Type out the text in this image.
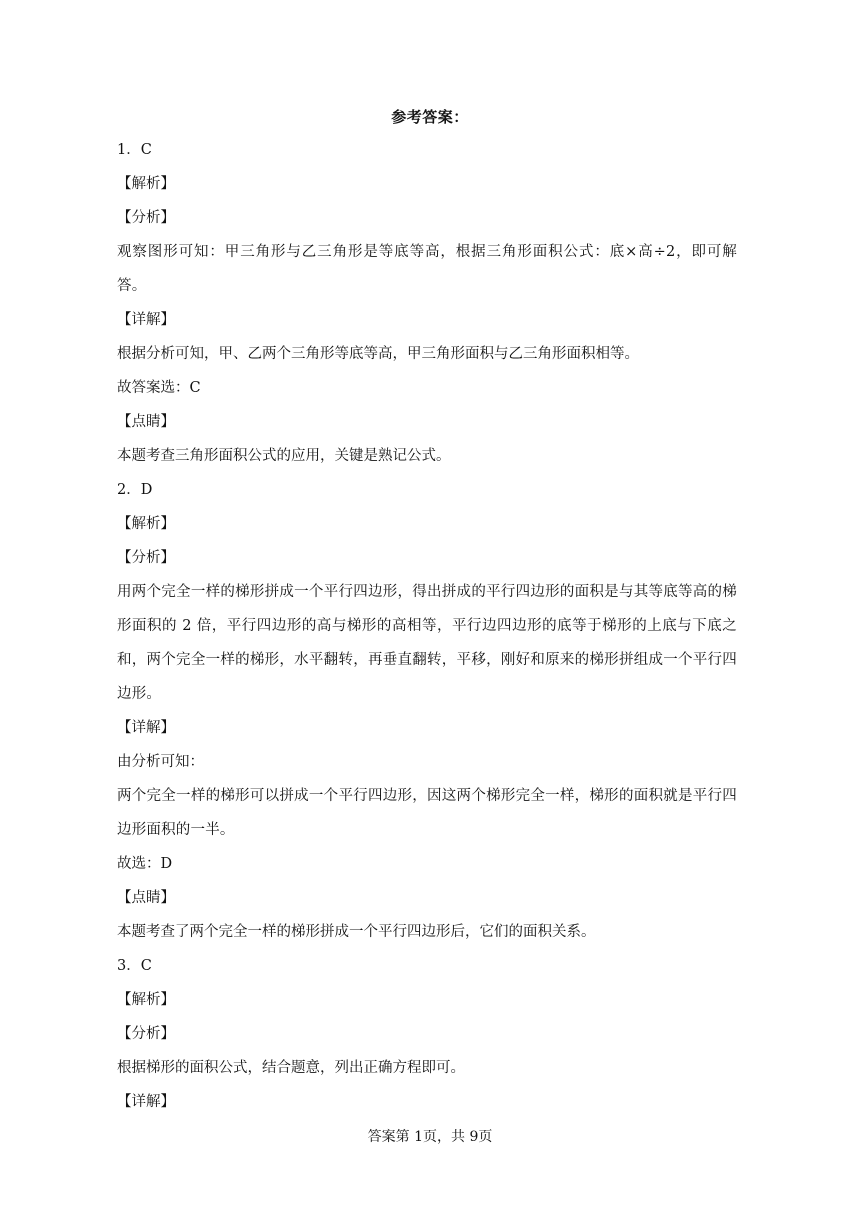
参考答案：
1．C
【解析】
【分析】
观察图形可知：甲三角形与乙三角形是等底等高，根据三角形面积公式：底×高÷2，即可解答。
【详解】
根据分析可知，甲、乙两个三角形等底等高，甲三角形面积与乙三角形面积相等。
故答案选：C
【点睛】
本题考查三角形面积公式的应用，关键是熟记公式。
2．D
【解析】
【分析】
用两个完全一样的梯形拼成一个平行四边形，得出拼成的平行四边形的面积是与其等底等高的梯形面积的 2 倍，平行四边形的高与梯形的高相等，平行边四边形的底等于梯形的上底与下底之和，两个完全一样的梯形，水平翻转，再垂直翻转，平移，刚好和原来的梯形拼组成一个平行四边形。
【详解】
由分析可知：
两个完全一样的梯形可以拼成一个平行四边形，因这两个梯形完全一样，梯形的面积就是平行四边形面积的一半。
故选：D
【点睛】
本题考查了两个完全一样的梯形拼成一个平行四边形后，它们的面积关系。
3．C
【解析】
【分析】
根据梯形的面积公式，结合题意，列出正确方程即可。
【详解】
答案第 1页，共 9页
